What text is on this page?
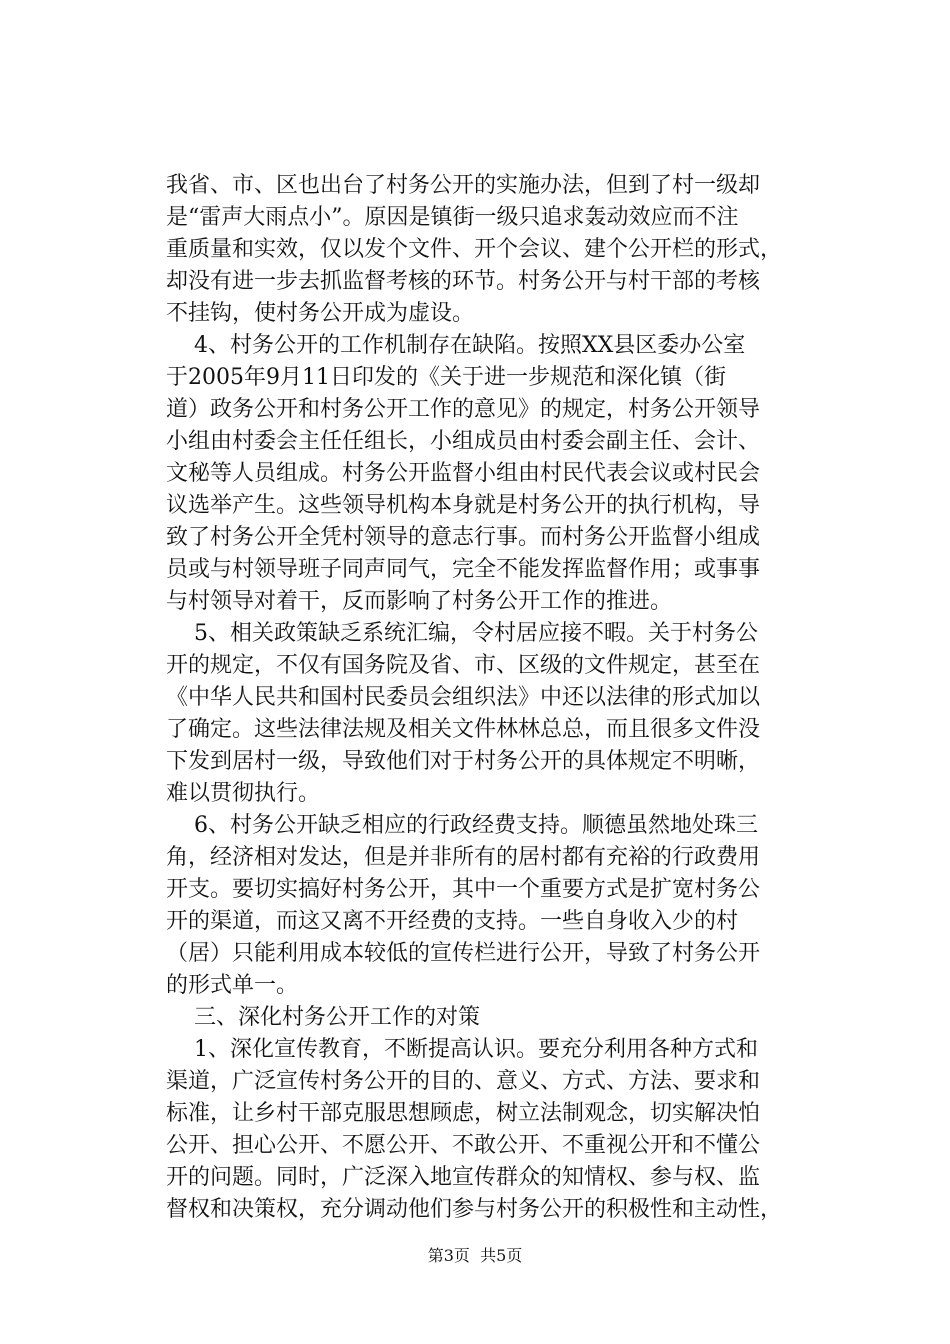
我省、市、区也出台了村务公开的实施办法，但到了村一级却
是“雷声大雨点小”。原因是镇街一级只追求轰动效应而不注
重质量和实效，仅以发个文件、开个会议、建个公开栏的形式，
却没有进一步去抓监督考核的环节。村务公开与村干部的考核
不挂钩，使村务公开成为虚设。
4、村务公开的工作机制存在缺陷。按照XX县区委办公室
于2005年9月11日印发的《关于进一步规范和深化镇（街
道）政务公开和村务公开工作的意见》的规定，村务公开领导
小组由村委会主任任组长，小组成员由村委会副主任、会计、
文秘等人员组成。村务公开监督小组由村民代表会议或村民会
议选举产生。这些领导机构本身就是村务公开的执行机构，导
致了村务公开全凭村领导的意志行事。而村务公开监督小组成
员或与村领导班子同声同气，完全不能发挥监督作用；或事事
与村领导对着干，反而影响了村务公开工作的推进。
5、相关政策缺乏系统汇编，令村居应接不暇。关于村务公
开的规定，不仅有国务院及省、市、区级的文件规定，甚至在
《中华人民共和国村民委员会组织法》中还以法律的形式加以
了确定。这些法律法规及相关文件林林总总，而且很多文件没
下发到居村一级，导致他们对于村务公开的具体规定不明晰，
难以贯彻执行。
6、村务公开缺乏相应的行政经费支持。顺德虽然地处珠三
角，经济相对发达，但是并非所有的居村都有充裕的行政费用
开支。要切实搞好村务公开，其中一个重要方式是扩宽村务公
开的渠道，而这又离不开经费的支持。一些自身收入少的村
（居）只能利用成本较低的宣传栏进行公开，导致了村务公开
的形式单一。
三、深化村务公开工作的对策
1、深化宣传教育，不断提高认识。要充分利用各种方式和
渠道，广泛宣传村务公开的目的、意义、方式、方法、要求和
标准，让乡村干部克服思想顾虑，树立法制观念，切实解决怕
公开、担心公开、不愿公开、不敢公开、不重视公开和不懂公
开的问题。同时，广泛深入地宣传群众的知情权、参与权、监
督权和决策权，充分调动他们参与村务公开的积极性和主动性，
第3页  共5页
